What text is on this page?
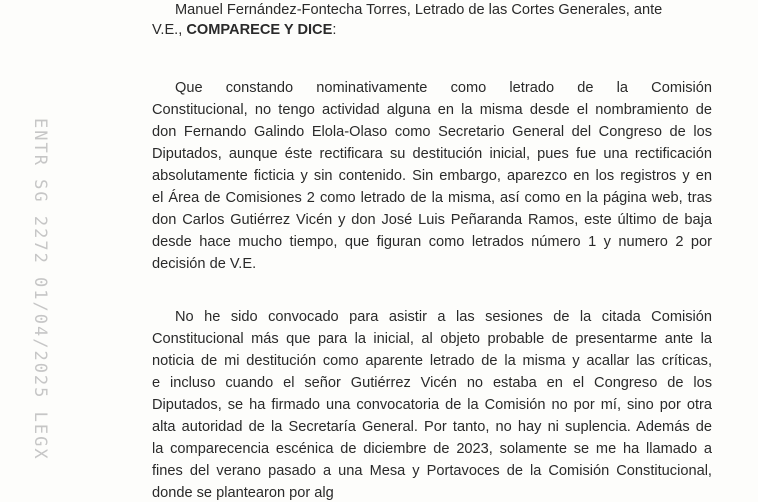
ENTR SG 2272 01/04/2025 LEGX
Manuel Fernández-Fontecha Torres, Letrado de las Cortes Generales, ante
V.E., COMPARECE Y DICE:
Que constando nominativamente como letrado de la Comisión
Constitucional, no tengo actividad alguna en la misma desde el nombramiento de
don Fernando Galindo Elola-Olaso como Secretario General del Congreso de los
Diputados, aunque éste rectificara su destitución inicial, pues fue una rectificación
absolutamente ficticia y sin contenido. Sin embargo, aparezco en los registros y en
el Área de Comisiones 2 como letrado de la misma, así como en la página web, tras
don Carlos Gutiérrez Vicén y don José Luis Peñaranda Ramos, este último de baja
desde hace mucho tiempo, que figuran como letrados número 1 y numero 2 por
decisión de V.E.
No he sido convocado para asistir a las sesiones de la citada Comisión
Constitucional más que para la inicial, al objeto probable de presentarme ante la
noticia de mi destitución como aparente letrado de la misma y acallar las críticas,
e incluso cuando el señor Gutiérrez Vicén no estaba en el Congreso de los
Diputados, se ha firmado una convocatoria de la Comisión no por mí, sino por otra
alta autoridad de la Secretaría General. Por tanto, no hay ni suplencia. Además de
la comparecencia escénica de diciembre de 2023, solamente se me ha llamado a
fines del verano pasado a una Mesa y Portavoces de la Comisión Constitucional,
donde se plantearon por alg
